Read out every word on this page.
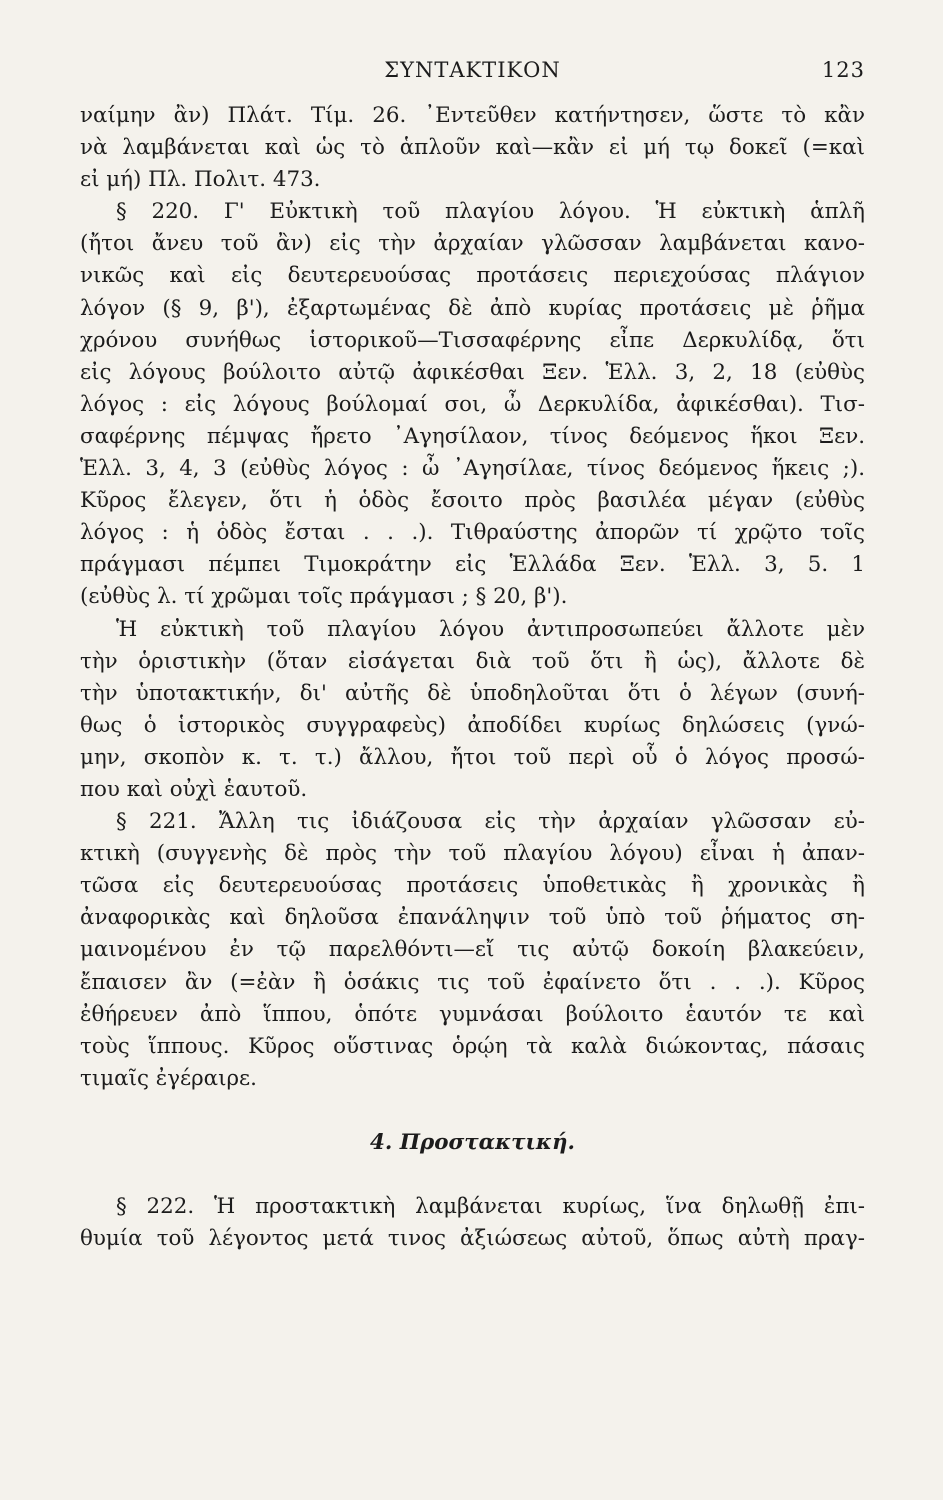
ΣΥΝΤΑΚΤΙΚΟΝ	123
ναίμην ἂν) Πλάτ. Τίμ. 26. ᾿Εντεῦθεν κατήντησεν, ὥστε τὸ κἂν
νὰ λαμβάνεται καὶ ὡς τὸ ἁπλοῦν καὶ—κἂν εἰ μή τῳ δοκεῖ (=καὶ
εἰ μή) Πλ. Πολιτ. 473.
§ 220. Γ' Εὐκτικὴ τοῦ πλαγίου λόγου. Ἡ εὐκτικὴ ἁπλῆ
(ἤτοι ἄνευ τοῦ ἂν) εἰς τὴν ἀρχαίαν γλῶσσαν λαμβάνεται κανο-
νικῶς καὶ εἰς δευτερευούσας προτάσεις περιεχούσας πλάγιον
λόγον (§ 9, β'), ἐξαρτωμένας δὲ ἀπὸ κυρίας προτάσεις μὲ ῥῆμα
χρόνου συνήθως ἱστορικοῦ—Τισσαφέρνης εἶπε Δερκυλίδᾳ, ὅτι
εἰς λόγους βούλοιτο αὐτῷ ἀφικέσθαι Ξεν. Ἑλλ. 3, 2, 18 (εὐθὺς
λόγος : εἰς λόγους βούλομαί σοι, ὦ Δερκυλίδα, ἀφικέσθαι). Τισ-
σαφέρνης πέμψας ἤρετο ᾿Αγησίλαον, τίνος δεόμενος ἥκοι Ξεν.
Ἑλλ. 3, 4, 3 (εὐθὺς λόγος : ὦ ᾿Αγησίλαε, τίνος δεόμενος ἥκεις ;).
Κῦρος ἔλεγεν, ὅτι ἡ ὁδὸς ἔσοιτο πρὸς βασιλέα μέγαν (εὐθὺς
λόγος : ἡ ὁδὸς ἔσται . . .). Τιθραύστης ἀπορῶν τί χρῷτο τοῖς
πράγμασι πέμπει Τιμοκράτην εἰς Ἑλλάδα Ξεν. Ἑλλ. 3, 5. 1
(εὐθὺς λ. τί χρῶμαι τοῖς πράγμασι ; § 20, β').
Ἡ εὐκτικὴ τοῦ πλαγίου λόγου ἀντιπροσωπεύει ἄλλοτε μὲν
τὴν ὁριστικὴν (ὅταν εἰσάγεται διὰ τοῦ ὅτι ἢ ὡς), ἄλλοτε δὲ
τὴν ὑποτακτικήν, δι' αὐτῆς δὲ ὑποδηλοῦται ὅτι ὁ λέγων (συνή-
θως ὁ ἱστορικὸς συγγραφεὺς) ἀποδίδει κυρίως δηλώσεις (γνώ-
μην, σκοπὸν κ. τ. τ.) ἄλλου, ἤτοι τοῦ περὶ οὗ ὁ λόγος προσώ-
που καὶ οὐχὶ ἑαυτοῦ.
§ 221. Ἄλλη τις ἰδιάζουσα εἰς τὴν ἀρχαίαν γλῶσσαν εὐ-
κτικὴ (συγγενὴς δὲ πρὸς τὴν τοῦ πλαγίου λόγου) εἶναι ἡ ἀπαν-
τῶσα εἰς δευτερευούσας προτάσεις ὑποθετικὰς ἢ χρονικὰς ἢ
ἀναφορικὰς καὶ δηλοῦσα ἐπανάληψιν τοῦ ὑπὸ τοῦ ῥήματος ση-
μαινομένου ἐν τῷ παρελθόντι—εἴ τις αὐτῷ δοκοίη βλακεύειν,
ἔπαισεν ἂν (=ἐὰν ἢ ὁσάκις τις τοῦ ἐφαίνετο ὅτι . . .). Κῦρος
ἐθήρευεν ἀπὸ ἵππου, ὁπότε γυμνάσαι βούλοιτο ἑαυτόν τε καὶ
τοὺς ἵππους. Κῦρος οὕστινας ὁρῴη τὰ καλὰ διώκοντας, πάσαις
τιμαῖς ἐγέραιρε.
4. Προστακτική.
§ 222. Ἡ προστακτικὴ λαμβάνεται κυρίως, ἵνα δηλωθῇ ἐπι-
θυμία τοῦ λέγοντος μετά τινος ἀξιώσεως αὐτοῦ, ὅπως αὐτὴ πραγ-
